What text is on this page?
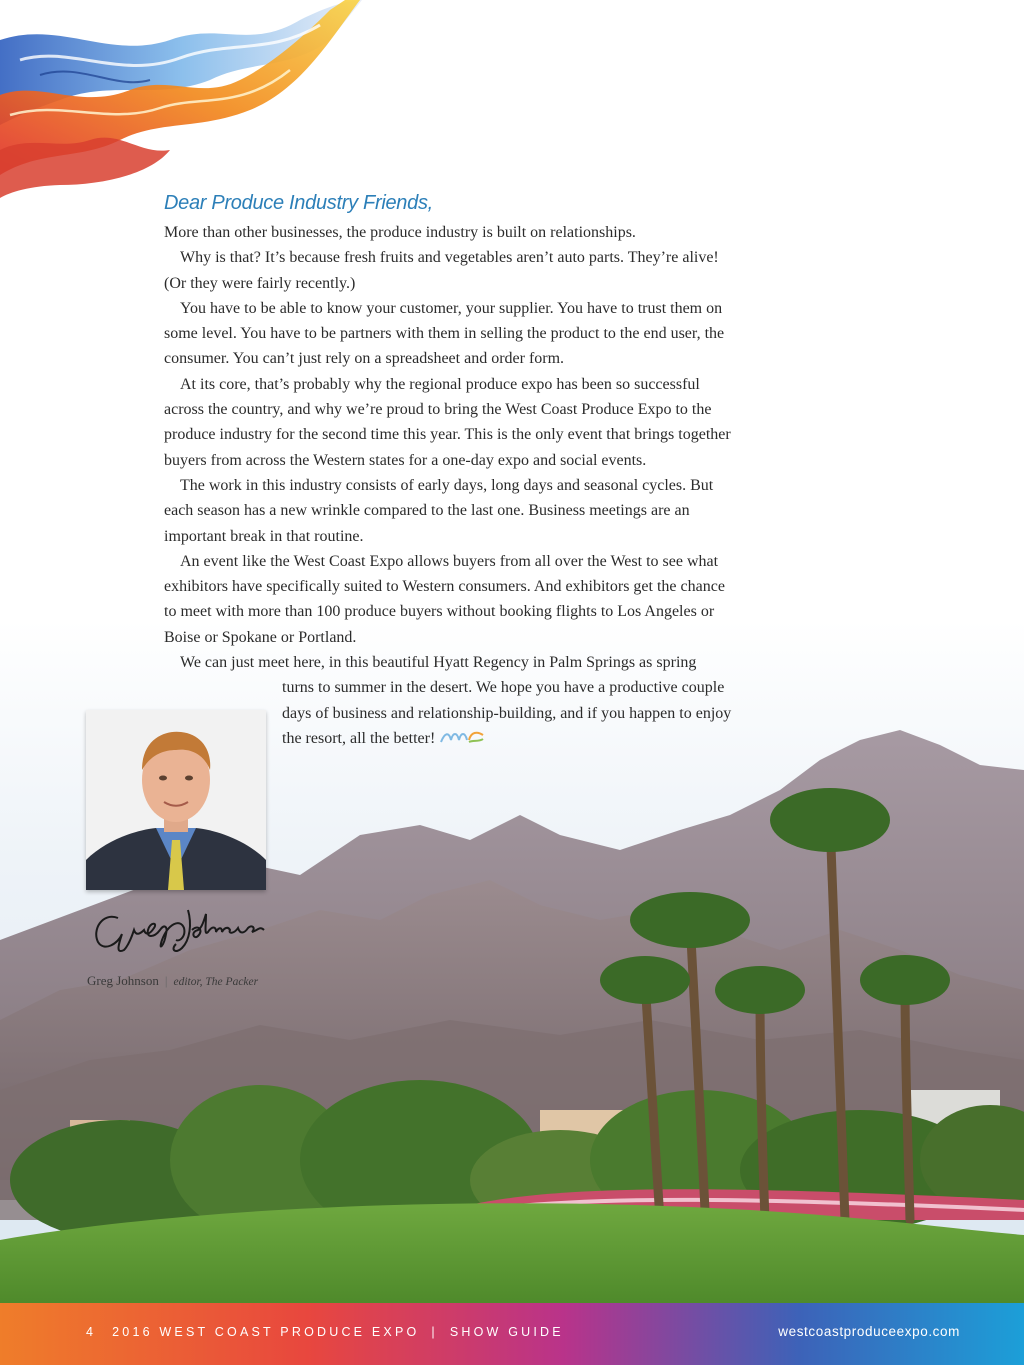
Dear Produce Industry Friends,

More than other businesses, the produce industry is built on relationships.

Why is that? It’s because fresh fruits and vegetables aren’t auto parts. They’re alive! (Or they were fairly recently.)

You have to be able to know your customer, your supplier. You have to trust them on some level. You have to be partners with them in selling the product to the end user, the consumer. You can’t just rely on a spreadsheet and order form.

At its core, that’s probably why the regional produce expo has been so successful across the country, and why we’re proud to bring the West Coast Produce Expo to the produce industry for the second time this year. This is the only event that brings together buyers from across the Western states for a one-day expo and social events.

The work in this industry consists of early days, long days and seasonal cycles. But each season has a new wrinkle compared to the last one. Business meetings are an important break in that routine.

An event like the West Coast Expo allows buyers from all over the West to see what exhibitors have specifically suited to Western consumers. And exhibitors get the chance to meet with more than 100 produce buyers without booking flights to Los Angeles or Boise or Spokane or Portland.

We can just meet here, in this beautiful Hyatt Regency in Palm Springs as spring

turns to summer in the desert. We hope you have a productive couple days of business and relationship-building, and if you happen to enjoy the resort, all the better!

Greg Johnson | editor, The Packer
4 2016 WEST COAST PRODUCE EXPO | SHOW GUIDE	westcoastproduceexpo.com
